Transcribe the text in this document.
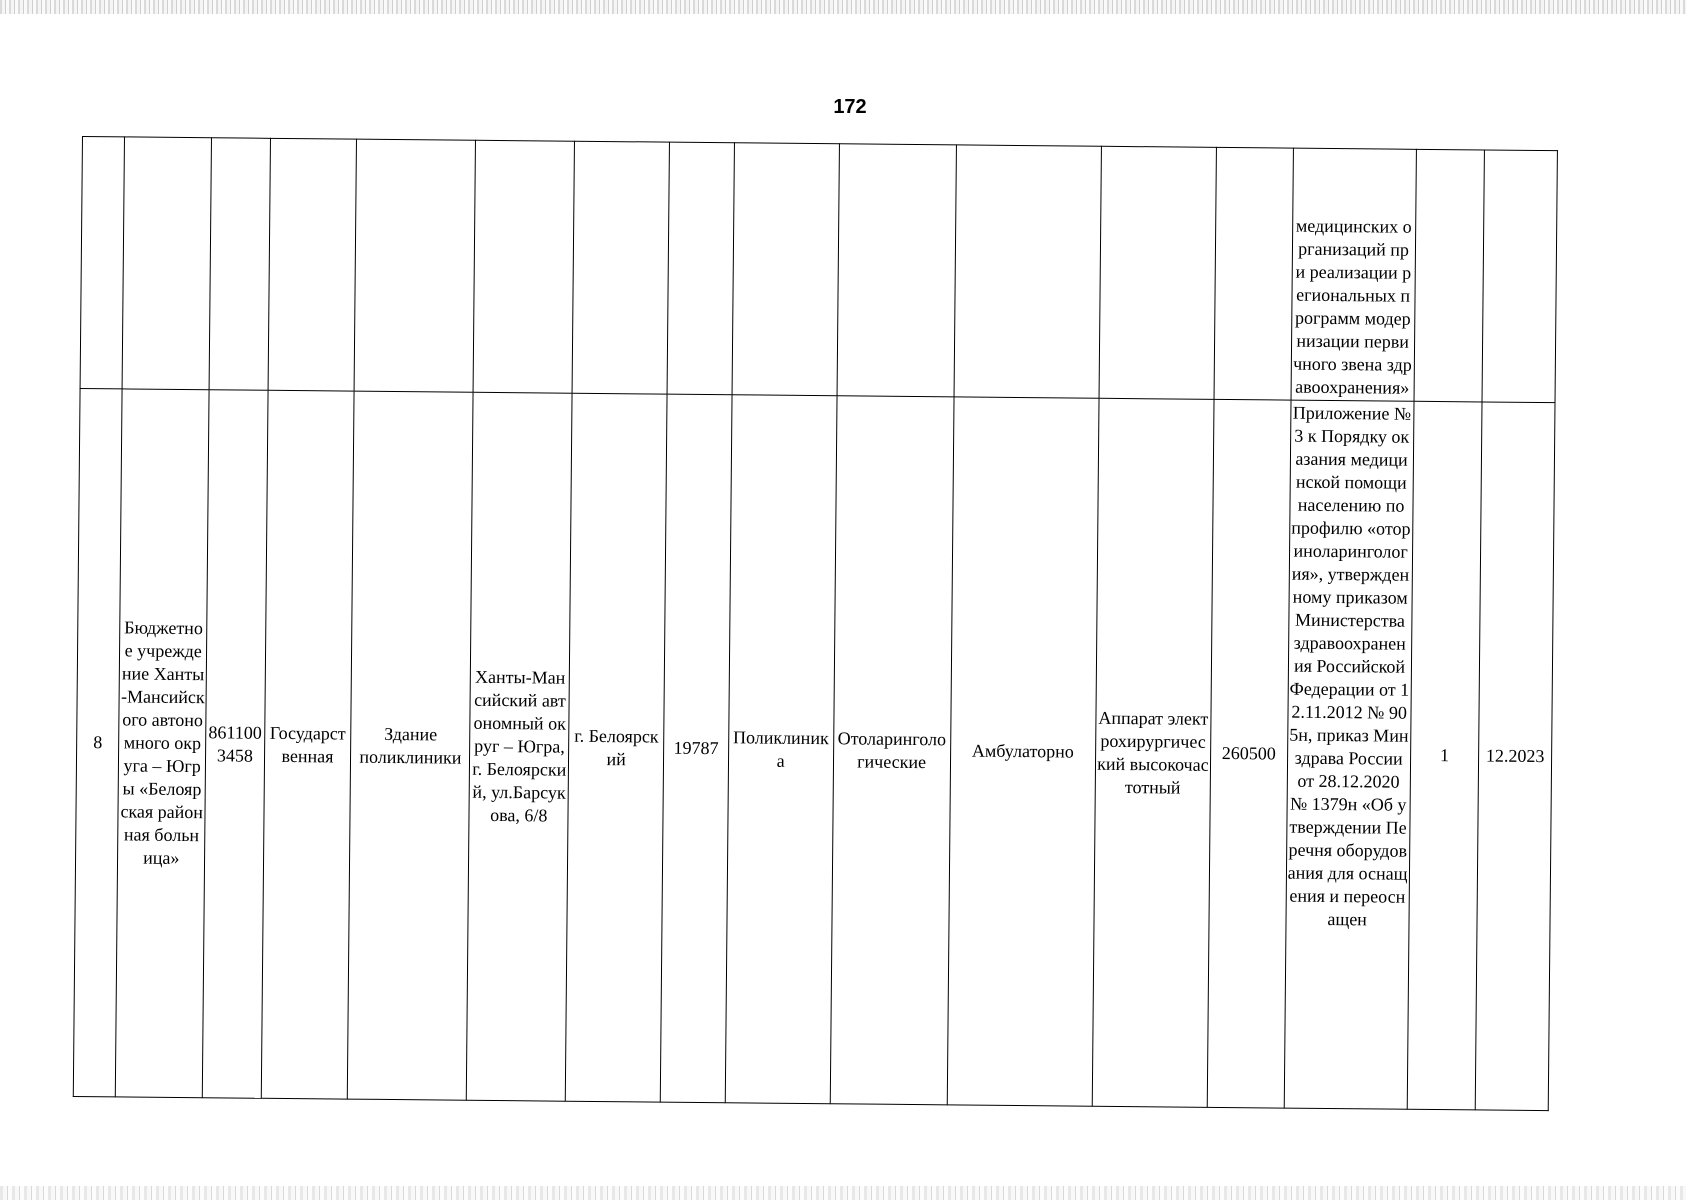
172
													медицинских организаций при реализации региональных программ модернизации первичного звена здравоохранения»		
8	Бюджетное учреждение Ханты-Мансийского автономного округа – Югры «Белоярская районная больница»	8611003458	Государственная	Здание поликлиники	Ханты-Мансийский автономный округ – Югра, г. Белоярский, ул.Барсукова, 6/8	г. Белоярский	19787	Поликлиника	Отоларингологические	Амбулаторно	Аппарат электрохирургический высокочастотный	260500	Приложение № 3 к Порядку оказания медицинской помощи населению по профилю «оториноларингология», утвержденному приказом Министерства здравоохранения Российской Федерации от 12.11.2012 № 905н, приказ Минздрава России от 28.12.2020 № 1379н «Об утверждении Перечня оборудования для оснащения и переоснащен	1	12.2023
